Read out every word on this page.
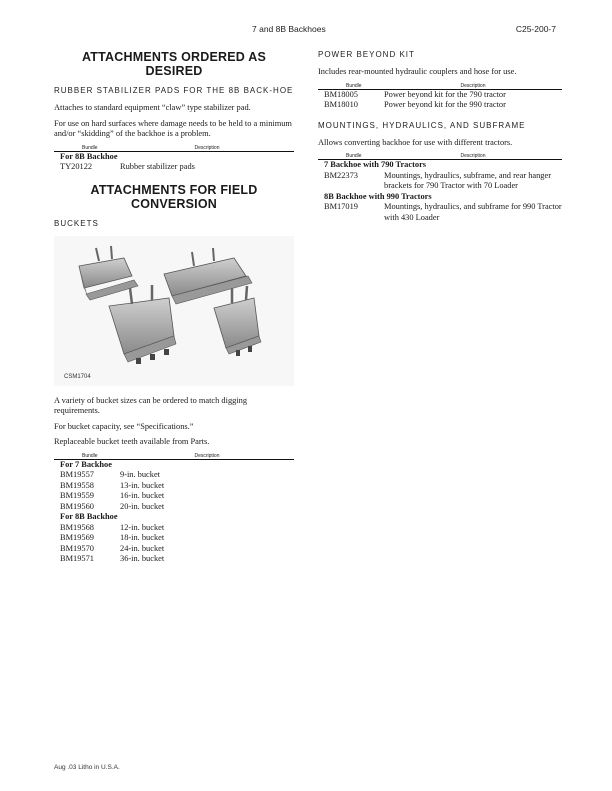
7 and 8B Backhoes	C25-200-7
ATTACHMENTS ORDERED AS DESIRED
RUBBER STABILIZER PADS FOR THE 8B BACK-HOE

Attaches to standard equipment “claw” type stabilizer pad.

For use on hard surfaces where damage needs to be held to a minimum and/or “skidding” of the backhoe is a problem.

Bundle	Description
For 8B Backhoe	
TY20122	Rubber stabilizer pads
ATTACHMENTS FOR FIELD CONVERSION
BUCKETS
CSM1704

A variety of bucket sizes can be ordered to match digging requirements.

For bucket capacity, see “Specifications.”

Replaceable bucket teeth available from Parts.

Bundle	Description
For 7 Backhoe	
BM19557	9-in. bucket
BM19558	13-in. bucket
BM19559	16-in. bucket
BM19560	20-in. bucket
For 8B Backhoe	
BM19568	12-in. bucket
BM19569	18-in. bucket
BM19570	24-in. bucket
BM19571	36-in. bucket
POWER BEYOND KIT

Includes rear-mounted hydraulic couplers and hose for use.

Bundle	Description
BM18005	Power beyond kit for the 790 tractor
BM18010	Power beyond kit for the 990 tractor
MOUNTINGS, HYDRAULICS, AND SUBFRAME

Allows converting backhoe for use with different tractors.

Bundle	Description
7 Backhoe with 790 Tractors	
BM22373	Mountings, hydraulics, subframe, and rear hanger brackets for 790 Tractor with 70 Loader
8B Backhoe with 990 Tractors	
BM17019	Mountings, hydraulics, and subframe for 990 Tractor with 430 Loader
Aug .03 Litho in U.S.A.
